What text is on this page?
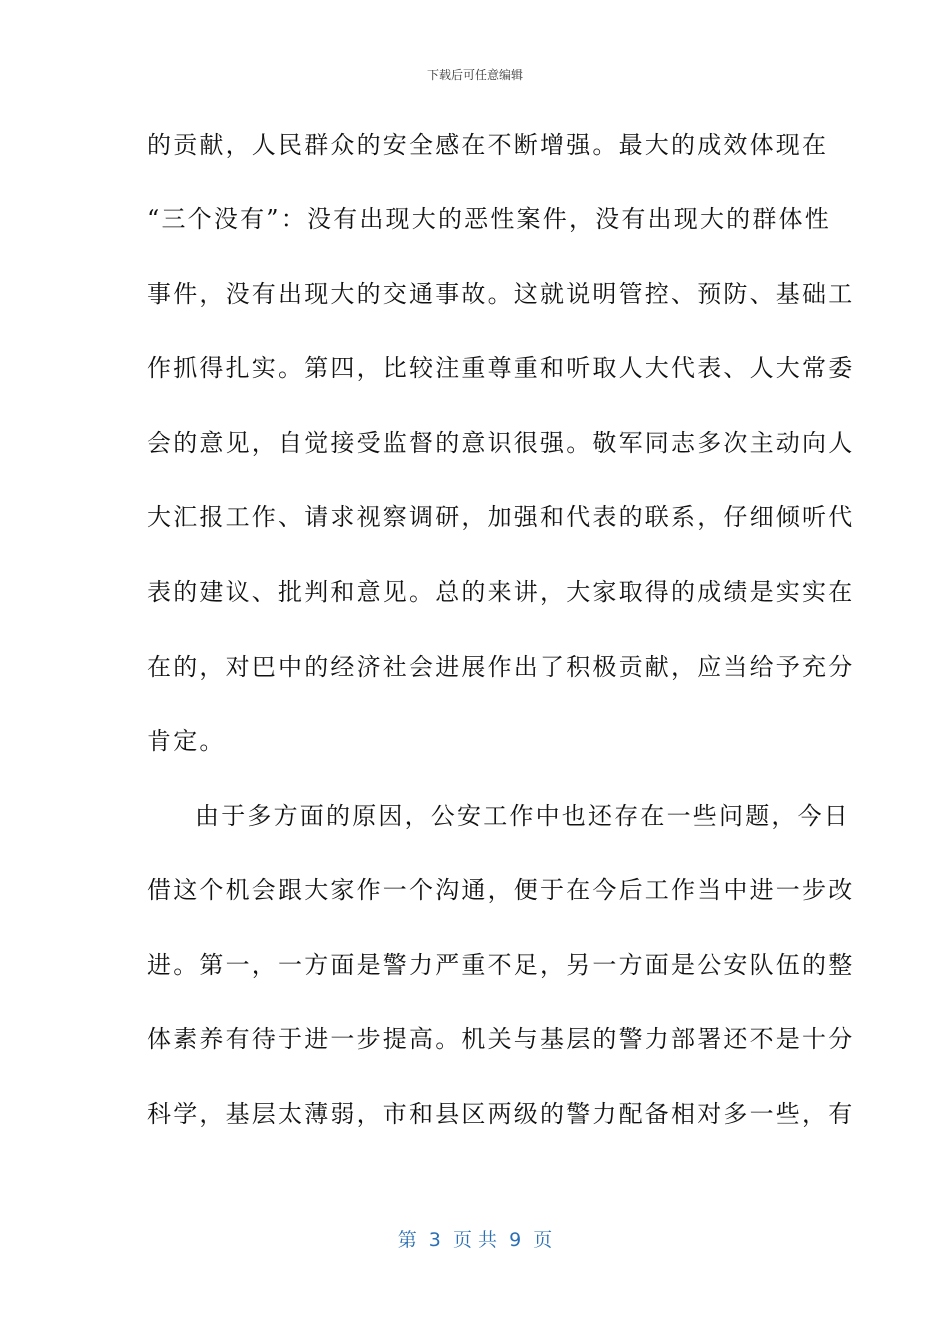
下载后可任意编辑
的贡献，人民群众的安全感在不断增强。最大的成效体现在
“三个没有”：没有出现大的恶性案件，没有出现大的群体性
事件，没有出现大的交通事故。这就说明管控、预防、基础工
作抓得扎实。第四，比较注重尊重和听取人大代表、人大常委
会的意见，自觉接受监督的意识很强。敬军同志多次主动向人
大汇报工作、请求视察调研，加强和代表的联系，仔细倾听代
表的建议、批判和意见。总的来讲，大家取得的成绩是实实在
在的，对巴中的经济社会进展作出了积极贡献，应当给予充分
肯定。
由于多方面的原因，公安工作中也还存在一些问题，今日
借这个机会跟大家作一个沟通，便于在今后工作当中进一步改
进。第一，一方面是警力严重不足，另一方面是公安队伍的整
体素养有待于进一步提高。机关与基层的警力部署还不是十分
科学，基层太薄弱，市和县区两级的警力配备相对多一些，有
第  3  页 共  9  页
